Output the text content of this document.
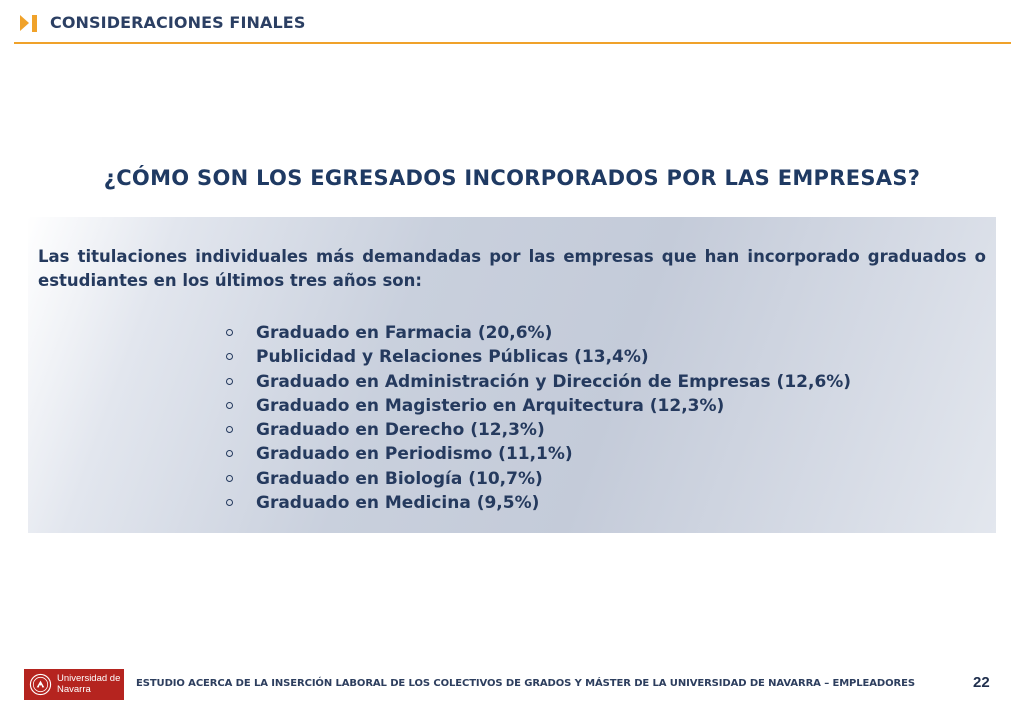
CONSIDERACIONES FINALES
¿CÓMO SON LOS EGRESADOS INCORPORADOS POR LAS EMPRESAS?

Las titulaciones individuales más demandadas por las empresas que han incorporado graduados o estudiantes en los últimos tres años son:

Graduado en Farmacia (20,6%)
Publicidad y Relaciones Públicas (13,4%)
Graduado en Administración y Dirección de Empresas (12,6%)
Graduado en Magisterio en Arquitectura (12,3%)
Graduado en Derecho (12,3%)
Graduado en Periodismo (11,1%)
Graduado en Biología (10,7%)
Graduado en Medicina (9,5%)
Universidad de Navarra	ESTUDIO ACERCA DE LA INSERCIÓN LABORAL DE LOS COLECTIVOS DE GRADOS Y MÁSTER DE LA UNIVERSIDAD DE NAVARRA – EMPLEADORES	22
